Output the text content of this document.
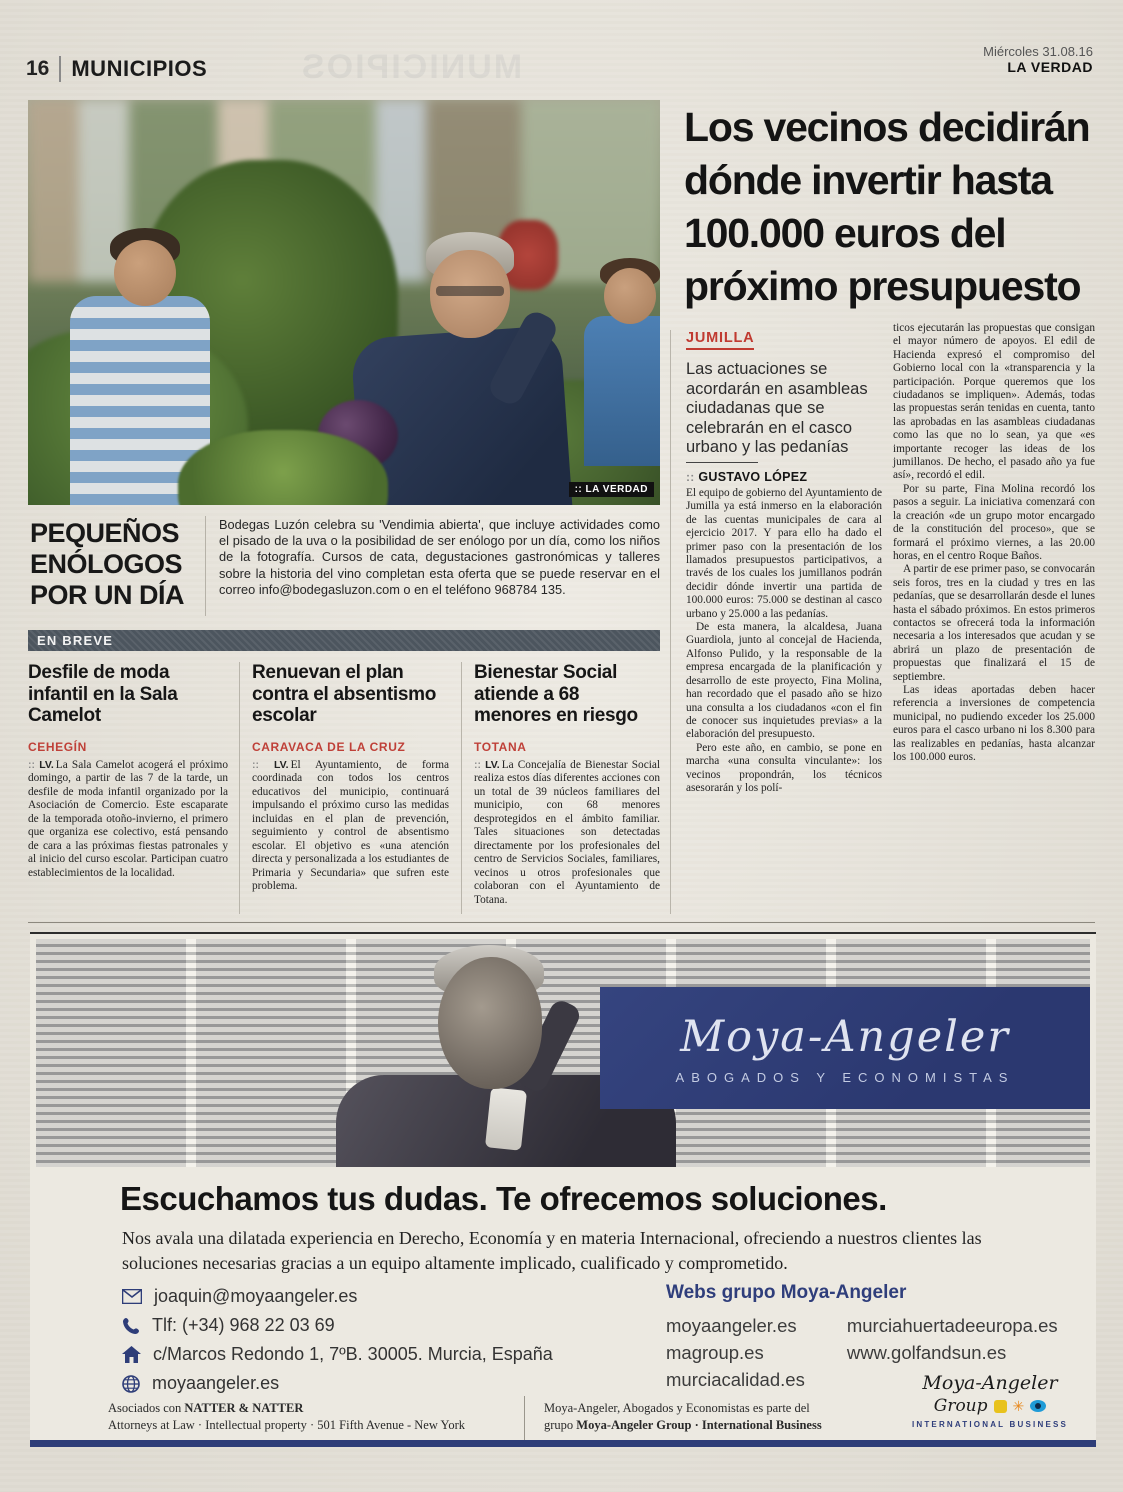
MUNICIPIOS
16 MUNICIPIOS
Miércoles 31.08.16
LA VERDAD
:: LA VERDAD
PEQUEÑOS
ENÓLOGOS
POR UN DÍA
Bodegas Luzón celebra su 'Vendimia abierta', que incluye actividades como el pisado de la uva o la posibilidad de ser enólogo por un día, como los niños de la fotografía. Cursos de cata, degustaciones gastronómicas y talleres sobre la historia del vino completan esta oferta que se puede reservar en el correo info@bodegasluzon.com o en el teléfono 968784 135.
EN BREVE
Desfile de moda infantil en la Sala Camelot
CEHEGÍN
:: LV. La Sala Camelot acogerá el próximo domingo, a partir de las 7 de la tarde, un desfile de moda infantil organizado por la Asociación de Comercio. Este escaparate de la temporada otoño-invierno, el primero que organiza ese colectivo, está pensando de cara a las próximas fiestas patronales y al inicio del curso escolar. Participan cuatro establecimientos de la localidad.
Renuevan el plan contra el absentismo escolar
CARAVACA DE LA CRUZ
:: LV. El Ayuntamiento, de forma coordinada con todos los centros educativos del municipio, continuará impulsando el próximo curso las medidas incluidas en el plan de prevención, seguimiento y control de absentismo escolar. El objetivo es «una atención directa y personalizada a los estudiantes de Primaria y Secundaria» que sufren este problema.
Bienestar Social atiende a 68 menores en riesgo
TOTANA
:: LV. La Concejalía de Bienestar Social realiza estos días diferentes acciones con un total de 39 núcleos familiares del municipio, con 68 menores desprotegidos en el ámbito familiar. Tales situaciones son detectadas directamente por los profesionales del centro de Servicios Sociales, familiares, vecinos u otros profesionales que colaboran con el Ayuntamiento de Totana.
Los vecinos decidirán
dónde invertir hasta
100.000 euros del
próximo presupuesto
JUMILLA
Las actuaciones se acordarán en asambleas ciudadanas que se celebrarán en el casco urbano y las pedanías
:: GUSTAVO LÓPEZ

El equipo de gobierno del Ayuntamiento de Jumilla ya está inmerso en la elaboración de las cuentas municipales de cara al ejercicio 2017. Y para ello ha dado el primer paso con la presentación de los llamados presupuestos participativos, a través de los cuales los jumillanos podrán decidir dónde invertir una partida de 100.000 euros: 75.000 se destinan al casco urbano y 25.000 a las pedanías.

De esta manera, la alcaldesa, Juana Guardiola, junto al concejal de Hacienda, Alfonso Pulido, y la responsable de la empresa encargada de la planificación y desarrollo de este proyecto, Fina Molina, han recordado que el pasado año se hizo una consulta a los ciudadanos «con el fin de conocer sus inquietudes previas» a la elaboración del presupuesto.

Pero este año, en cambio, se pone en marcha «una consulta vinculante»: los vecinos propondrán, los técnicos asesorarán y los polí-

ticos ejecutarán las propuestas que consigan el mayor número de apoyos. El edil de Hacienda expresó el compromiso del Gobierno local con la «transparencia y la participación. Porque queremos que los ciudadanos se impliquen». Además, todas las propuestas serán tenidas en cuenta, tanto las aprobadas en las asambleas ciudadanas como las que no lo sean, ya que «es importante recoger las ideas de los jumillanos. De hecho, el pasado año ya fue así», recordó el edil.

Por su parte, Fina Molina recordó los pasos a seguir. La iniciativa comenzará con la creación «de un grupo motor encargado de la constitución del proceso», que se formará el próximo viernes, a las 20.00 horas, en el centro Roque Baños.

A partir de ese primer paso, se convocarán seis foros, tres en la ciudad y tres en las pedanías, que se desarrollarán desde el lunes hasta el sábado próximos. En estos primeros contactos se ofrecerá toda la información necesaria a los interesados que acudan y se abrirá un plazo de presentación de propuestas que finalizará el 15 de septiembre.

Las ideas aportadas deben hacer referencia a inversiones de competencia municipal, no pudiendo exceder los 25.000 euros para el casco urbano ni los 8.300 para las realizables en pedanías, hasta alcanzar los 100.000 euros.

Moya-Angeler
ABOGADOS Y ECONOMISTAS
Escuchamos tus dudas. Te ofrecemos soluciones.
Nos avala una dilatada experiencia en Derecho, Economía y en materia Internacional, ofreciendo a nuestros clientes las soluciones necesarias gracias a un equipo altamente implicado, cualificado y comprometido.
joaquin@moyaangeler.es
Tlf: (+34) 968 22 03 69
c/Marcos Redondo 1, 7ºB. 30005. Murcia, España
moyaangeler.es
Webs grupo Moya-Angeler
moyaangeler.es
magroup.es
murciacalidad.es
murciahuertadeeuropa.es
www.golfandsun.es
Asociados con NATTER & NATTER
Attorneys at Law · Intellectual property · 501 Fifth Avenue - New York
Moya-Angeler, Abogados y Economistas es parte del
grupo Moya-Angeler Group · International Business
Moya-Angeler
Group ✳
INTERNATIONAL BUSINESS
